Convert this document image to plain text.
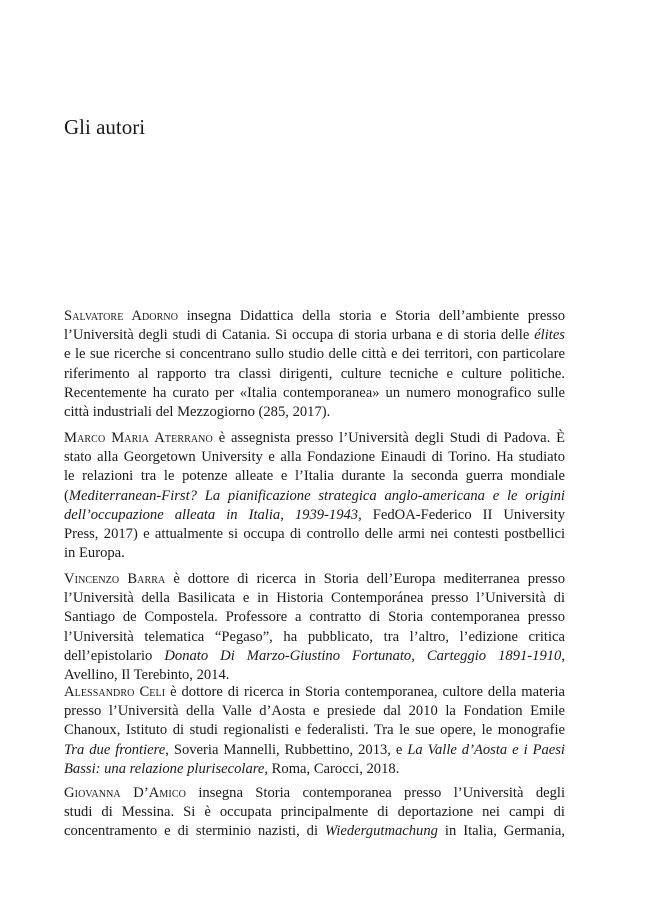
Gli autori
Salvatore Adorno insegna Didattica della storia e Storia dell’ambiente presso
l’Università degli studi di Catania. Si occupa di storia urbana e di storia delle élites
e le sue ricerche si concentrano sullo studio delle città e dei territori, con particolare
riferimento al rapporto tra classi dirigenti, culture tecniche e culture politiche.
Recentemente ha curato per «Italia contemporanea» un numero monografico sulle
città industriali del Mezzogiorno (285, 2017).
Marco Maria Aterrano è assegnista presso l’Università degli Studi di Padova. È
stato alla Georgetown University e alla Fondazione Einaudi di Torino. Ha studiato
le relazioni tra le potenze alleate e l’Italia durante la seconda guerra mondiale
(Mediterranean-First? La pianificazione strategica anglo-americana e le origini
dell’occupazione alleata in Italia, 1939-1943, FedOA-Federico II University
Press, 2017) e attualmente si occupa di controllo delle armi nei contesti postbellici
in Europa.
Vincenzo Barra è dottore di ricerca in Storia dell’Europa mediterranea presso
l’Università della Basilicata e in Historia Contemporánea presso l’Università di
Santiago de Compostela. Professore a contratto di Storia contemporanea presso
l’Università telematica “Pegaso”, ha pubblicato, tra l’altro, l’edizione critica
dell’epistolario Donato Di Marzo-Giustino Fortunato, Carteggio 1891-1910,
Avellino, Il Terebinto, 2014.
Alessandro Celi è dottore di ricerca in Storia contemporanea, cultore della materia
presso l’Università della Valle d’Aosta e presiede dal 2010 la Fondation Emile
Chanoux, Istituto di studi regionalisti e federalisti. Tra le sue opere, le monografie
Tra due frontiere, Soveria Mannelli, Rubbettino, 2013, e La Valle d’Aosta e i Paesi
Bassi: una relazione plurisecolare, Roma, Carocci, 2018.
Giovanna D’Amico insegna Storia contemporanea presso l’Università degli
studi di Messina. Si è occupata principalmente di deportazione nei campi di
concentramento e di sterminio nazisti, di Wiedergutmachung in Italia, Germania,
